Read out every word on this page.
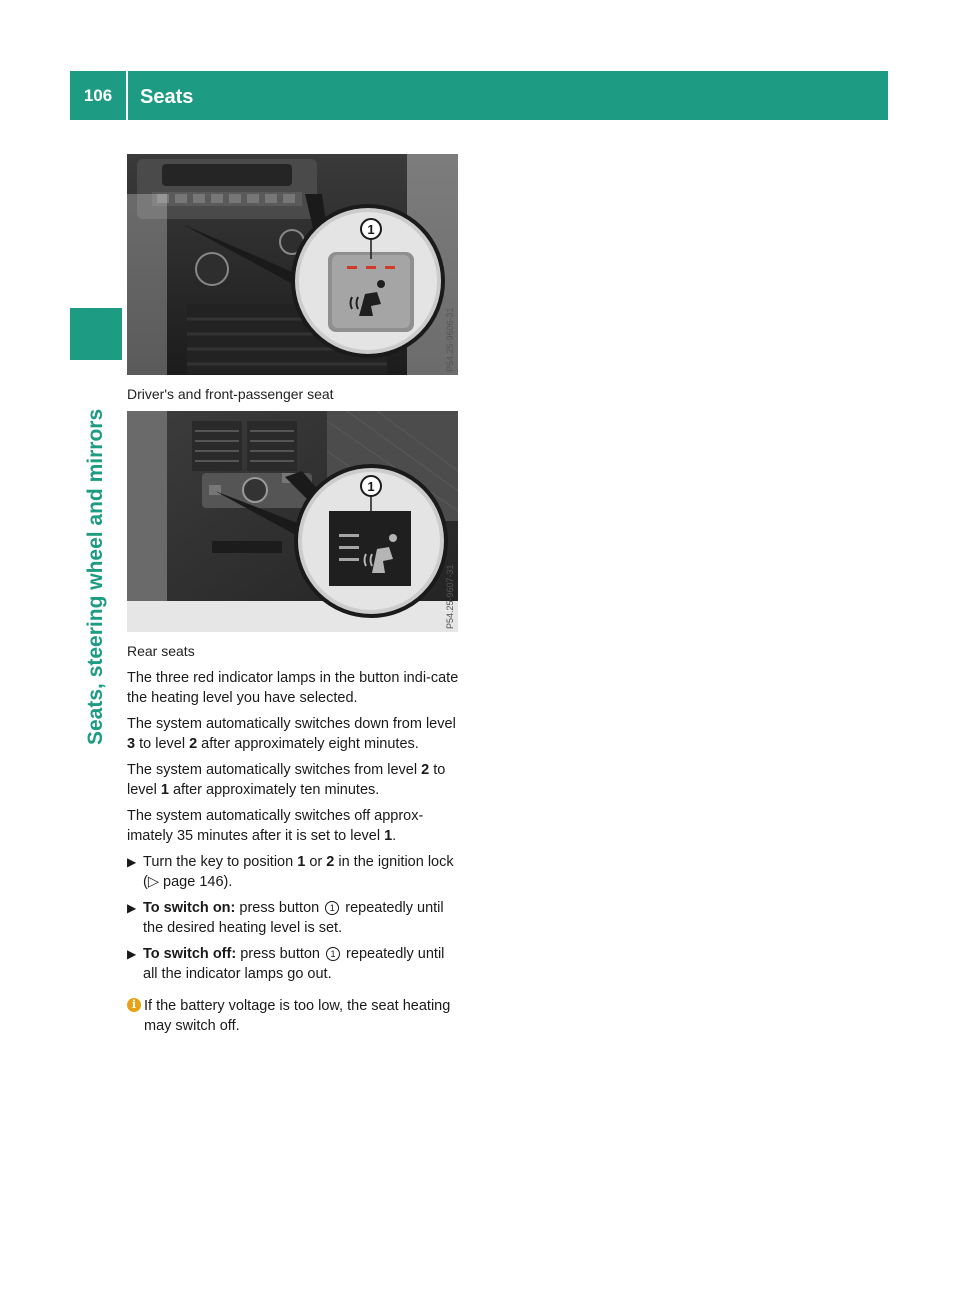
106	Seats
Seats, steering wheel and mirrors
1
P54.25-9606-31
Driver's and front-passenger seat
1
P54.25-9607-31
Rear seats

The three red indicator lamps in the button indi-cate the heating level you have selected.

The system automatically switches down from level 3 to level 2 after approximately eight minutes.

The system automatically switches from level 2 to level 1 after approximately ten minutes.

The system automatically switches off approx-imately 35 minutes after it is set to level 1.

▶ Turn the key to position 1 or 2 in the ignition lock (▷ page 146).
▶ To switch on: press button 1 repeatedly until the desired heating level is set.
▶ To switch off: press button 1 repeatedly until all the indicator lamps go out.
i If the battery voltage is too low, the seat heating may switch off.
